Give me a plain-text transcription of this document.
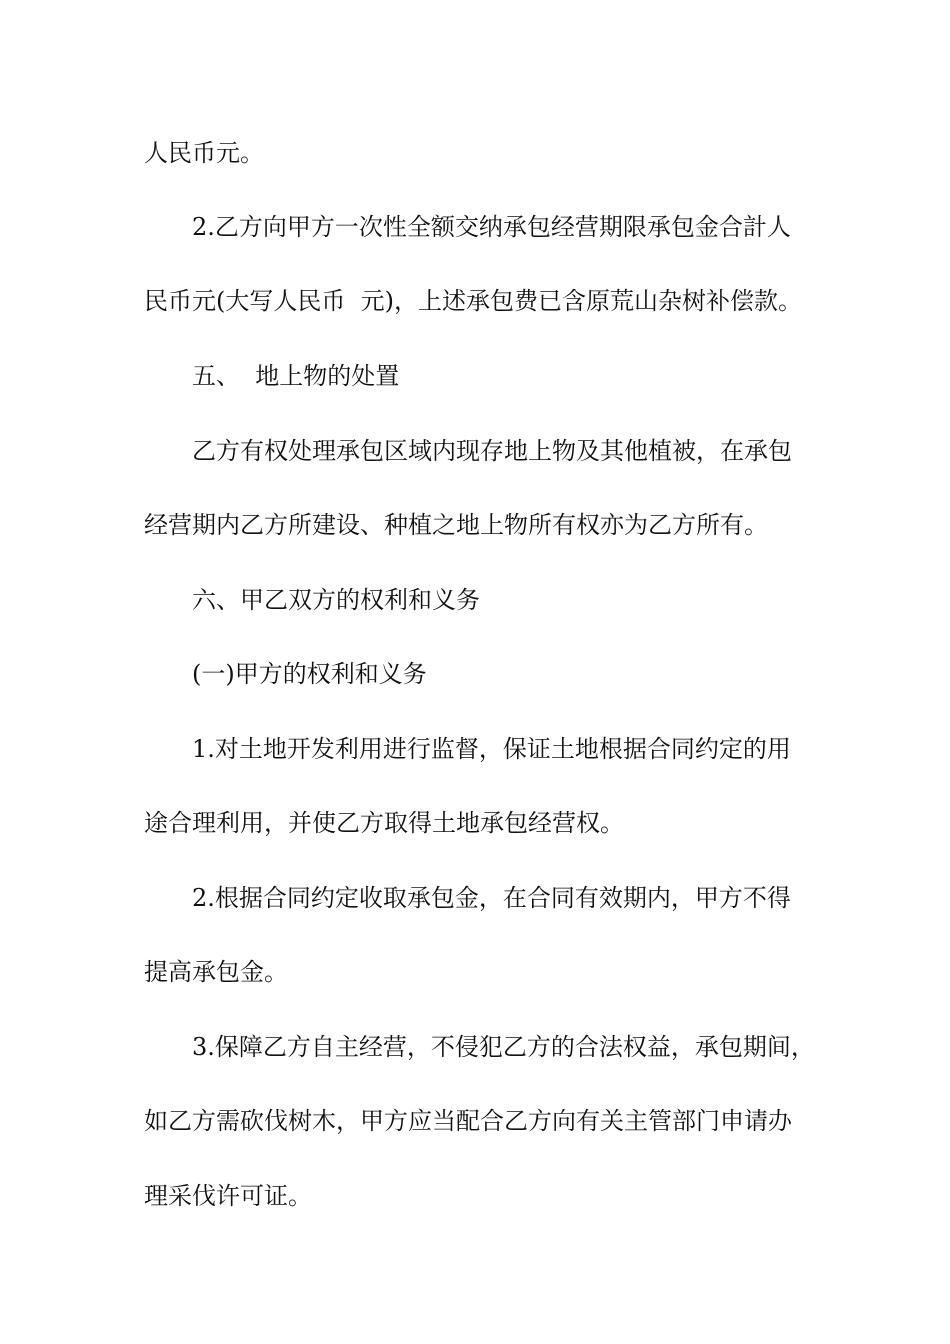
人民币元。
2.乙方向甲方一次性全额交纳承包经营期限承包金合計人
民币元(大写人民币  元)，上述承包费已含原荒山杂树补偿款。
五、  地上物的处置
乙方有权处理承包区域内现存地上物及其他植被，在承包
经营期内乙方所建设、种植之地上物所有权亦为乙方所有。
六、甲乙双方的权利和义务
(一)甲方的权利和义务
1.对土地开发利用进行监督，保证土地根据合同约定的用
途合理利用，并使乙方取得土地承包经营权。
2.根据合同约定收取承包金，在合同有效期内，甲方不得
提高承包金。
3.保障乙方自主经营，不侵犯乙方的合法权益，承包期间，
如乙方需砍伐树木，甲方应当配合乙方向有关主管部门申请办
理采伐许可证。
